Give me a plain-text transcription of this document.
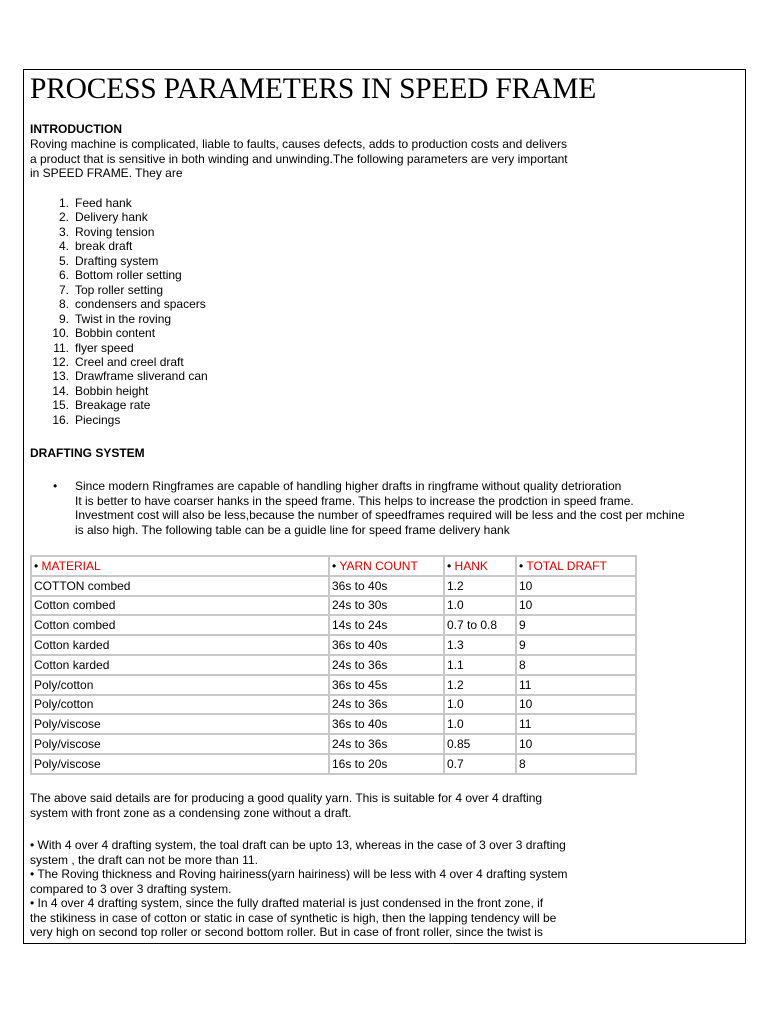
PROCESS PARAMETERS IN SPEED FRAME
INTRODUCTION
Roving machine is complicated, liable to faults, causes defects, adds to production costs and delivers
a product that is sensitive in both winding and unwinding.The following parameters are very important
in SPEED FRAME. They are
1. Feed hank
2. Delivery hank
3. Roving tension
4. break draft
5. Drafting system
6. Bottom roller setting
7. Top roller setting
8. condensers and spacers
9. Twist in the roving
10. Bobbin content
11. flyer speed
12. Creel and creel draft
13. Drawframe sliverand can
14. Bobbin height
15. Breakage rate
16. Piecings
DRAFTING SYSTEM
• Since modern Ringframes are capable of handling higher drafts in ringframe without quality detrioration
It is better to have coarser hanks in the speed frame. This helps to increase the prodction in speed frame.
Investment cost will also be less,because the number of speedframes required will be less and the cost per mchine
is also high. The following table can be a guidle line for speed frame delivery hank
• MATERIAL	• YARN COUNT	• HANK	• TOTAL DRAFT
COTTON combed	36s to 40s	1.2	10
Cotton combed	24s to 30s	1.0	10
Cotton combed	14s to 24s	0.7 to 0.8	9
Cotton karded	36s to 40s	1.3	9
Cotton karded	24s to 36s	1.1	8
Poly/cotton	36s to 45s	1.2	11
Poly/cotton	24s to 36s	1.0	10
Poly/viscose	36s to 40s	1.0	11
Poly/viscose	24s to 36s	0.85	10
Poly/viscose	16s to 20s	0.7	8
The above said details are for producing a good quality yarn. This is suitable for 4 over 4 drafting
system with front zone as a condensing zone without a draft.
• With 4 over 4 drafting system, the toal draft can be upto 13, whereas in the case of 3 over 3 drafting
system , the draft can not be more than 11.
• The Roving thickness and Roving hairiness(yarn hairiness) will be less with 4 over 4 drafting system
compared to 3 over 3 drafting system.
• In 4 over 4 drafting system, since the fully drafted material is just condensed in the front zone, if
the stikiness in case of cotton or static in case of synthetic is high, then the lapping tendency will be
very high on second top roller or second bottom roller. But in case of front roller, since the twist is
